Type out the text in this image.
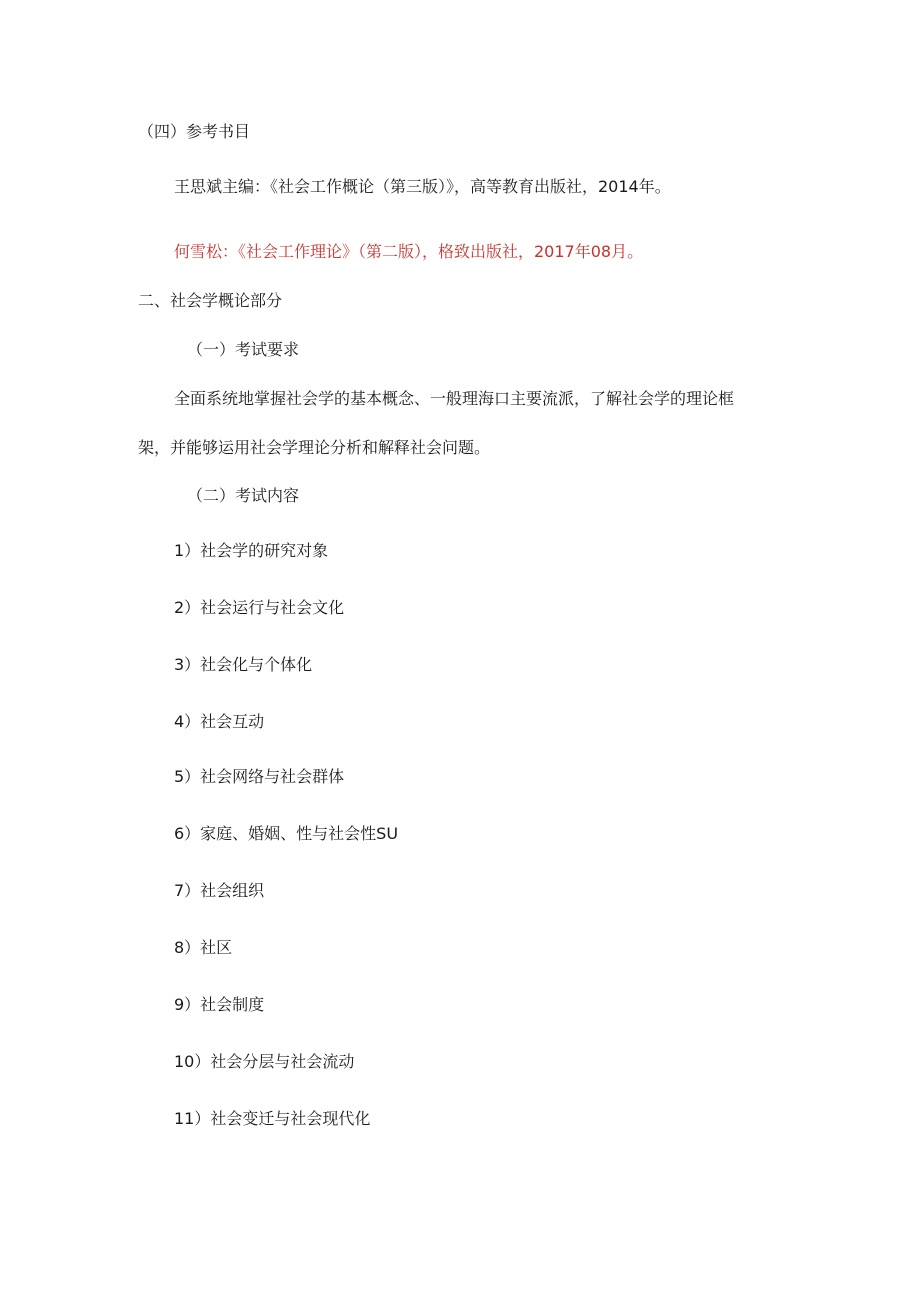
（四）参考书目

王思斌主编：《社会工作概论（第三版）》，高等教育出版社，2014年。

何雪松：《社会工作理论》（第二版），格致出版社，2017年08月。

二、社会学概论部分

（一）考试要求

全面系统地掌握社会学的基本概念、一般理海口主要流派，了解社会学的理论框

架，并能够运用社会学理论分析和解释社会问题。

（二）考试内容

1）社会学的研究对象

2）社会运行与社会文化

3）社会化与个体化

4）社会互动

5）社会网络与社会群体

6）家庭、婚姻、性与社会性SU

7）社会组织

8）社区

9）社会制度

10）社会分层与社会流动

11）社会变迁与社会现代化
